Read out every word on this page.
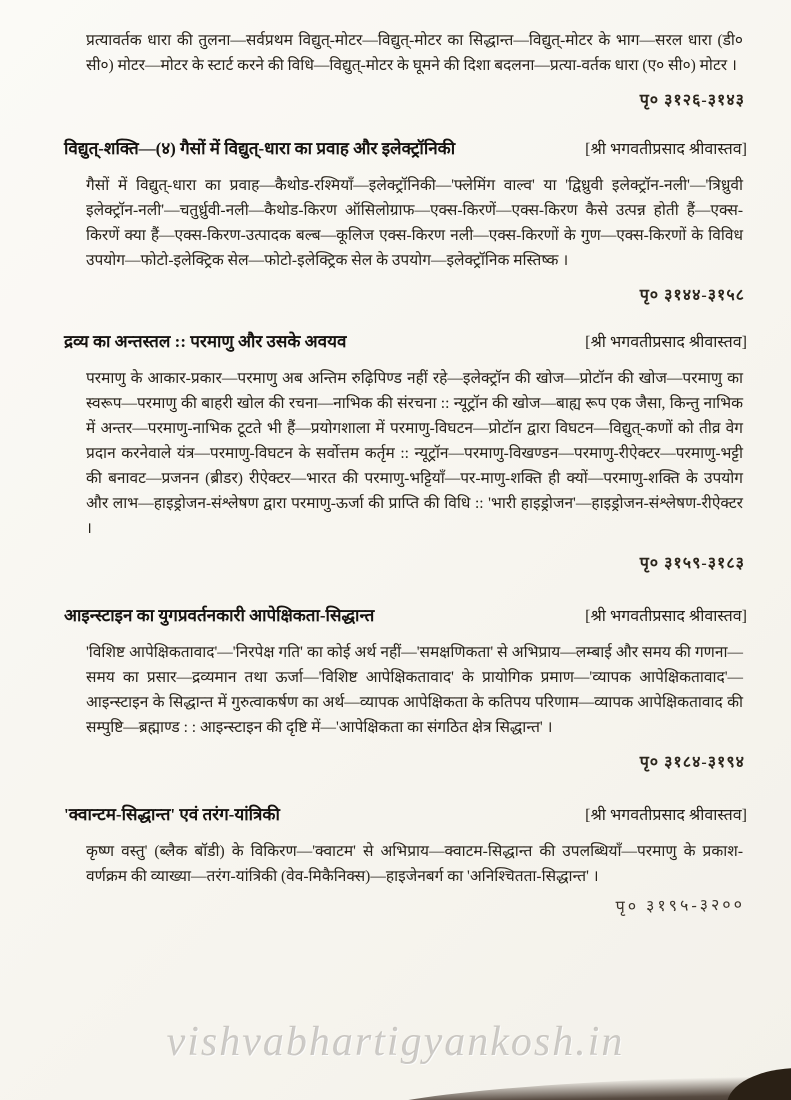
vishvabhartigyankosh.in

प्रत्यावर्तक धारा की तुलना—सर्वप्रथम विद्युत्-मोटर—विद्युत्-मोटर का सिद्धान्त—विद्युत्-मोटर के भाग—सरल धारा (डी० सी०) मोटर—मोटर के स्टार्ट करने की विधि—विद्युत्-मोटर के घूमने की दिशा बदलना—प्रत्या-वर्तक धारा (ए० सी०) मोटर ।

पृ० ३१२६-३१४३

विद्युत्-शक्ति—(४) गैसों में विद्युत्-धारा का प्रवाह और इलेक्ट्रॉनिकी	[श्री भगवतीप्रसाद श्रीवास्तव]

गैसों में विद्युत्-धारा का प्रवाह—कैथोड-रश्मियाँ—इलेक्ट्रॉनिकी—'फ्लेमिंग वाल्व' या 'द्विध्रुवी इलेक्ट्रॉन-नली'—'त्रिध्रुवी इलेक्ट्रॉन-नली'—चतुर्ध्रुवी-नली—कैथोड-किरण ऑसिलोग्राफ—एक्स-किरणें—एक्स-किरण कैसे उत्पन्न होती हैं—एक्स-किरणें क्या हैं—एक्स-किरण-उत्पादक बल्ब—कूलिज एक्स-किरण नली—एक्स-किरणों के गुण—एक्स-किरणों के विविध उपयोग—फोटो-इलेक्ट्रिक सेल—फोटो-इलेक्ट्रिक सेल के उपयोग—इलेक्ट्रॉनिक मस्तिष्क ।

पृ० ३१४४-३१५८

द्रव्य का अन्तस्तल :: परमाणु और उसके अवयव	[श्री भगवतीप्रसाद श्रीवास्तव]

परमाणु के आकार-प्रकार—परमाणु अब अन्तिम रुढ़िपिण्ड नहीं रहे—इलेक्ट्रॉन की खोज—प्रोटॉन की खोज—परमाणु का स्वरूप—परमाणु की बाहरी खोल की रचना—नाभिक की संरचना :: न्यूट्रॉन की खोज—बाह्य रूप एक जैसा, किन्तु नाभिक में अन्तर—परमाणु-नाभिक टूटते भी हैं—प्रयोगशाला में परमाणु-विघटन—प्रोटॉन द्वारा विघटन—विद्युत्-कणों को तीव्र वेग प्रदान करनेवाले यंत्र—परमाणु-विघटन के सर्वोत्तम कर्तृम :: न्यूट्रॉन—परमाणु-विखण्डन—परमाणु-रीऐक्टर—परमाणु-भट्टी की बनावट—प्रजनन (ब्रीडर) रीऐक्टर—भारत की परमाणु-भट्टियाँ—पर-माणु-शक्ति ही क्यों—परमाणु-शक्ति के उपयोग और लाभ—हाइड्रोजन-संश्लेषण द्वारा परमाणु-ऊर्जा की प्राप्ति की विधि :: 'भारी हाइड्रोजन'—हाइड्रोजन-संश्लेषण-रीऐक्टर ।

पृ० ३१५९-३१८३

आइन्स्टाइन का युगप्रवर्तनकारी आपेक्षिकता-सिद्धान्त	[श्री भगवतीप्रसाद श्रीवास्तव]

'विशिष्ट आपेक्षिकतावाद'—'निरपेक्ष गति' का कोई अर्थ नहीं—'समक्षणिकता' से अभिप्राय—लम्बाई और समय की गणना—समय का प्रसार—द्रव्यमान तथा ऊर्जा—'विशिष्ट आपेक्षिकतावाद' के प्रायोगिक प्रमाण—'व्यापक आपेक्षिकतावाद'—आइन्स्टाइन के सिद्धान्त में गुरुत्वाकर्षण का अर्थ—व्यापक आपेक्षिकता के कतिपय परिणाम—व्यापक आपेक्षिकतावाद की सम्पुष्टि—ब्रह्माण्ड : : आइन्स्टाइन की दृष्टि में—'आपेक्षिकता का संगठित क्षेत्र सिद्धान्त' ।

पृ० ३१८४-३१९४

'क्वान्टम-सिद्धान्त' एवं तरंग-यांत्रिकी	[श्री भगवतीप्रसाद श्रीवास्तव]

कृष्ण वस्तु' (ब्लैक बॉडी) के विकिरण—'क्वाटम' से अभिप्राय—क्वाटम-सिद्धान्त की उपलब्धियाँ—परमाणु के प्रकाश-वर्णक्रम की व्याख्या—तरंग-यांत्रिकी (वेव-मिकैनिक्स)—हाइजेनबर्ग का 'अनिश्चितता-सिद्धान्त' ।

पृ० ३१९५-३२००
